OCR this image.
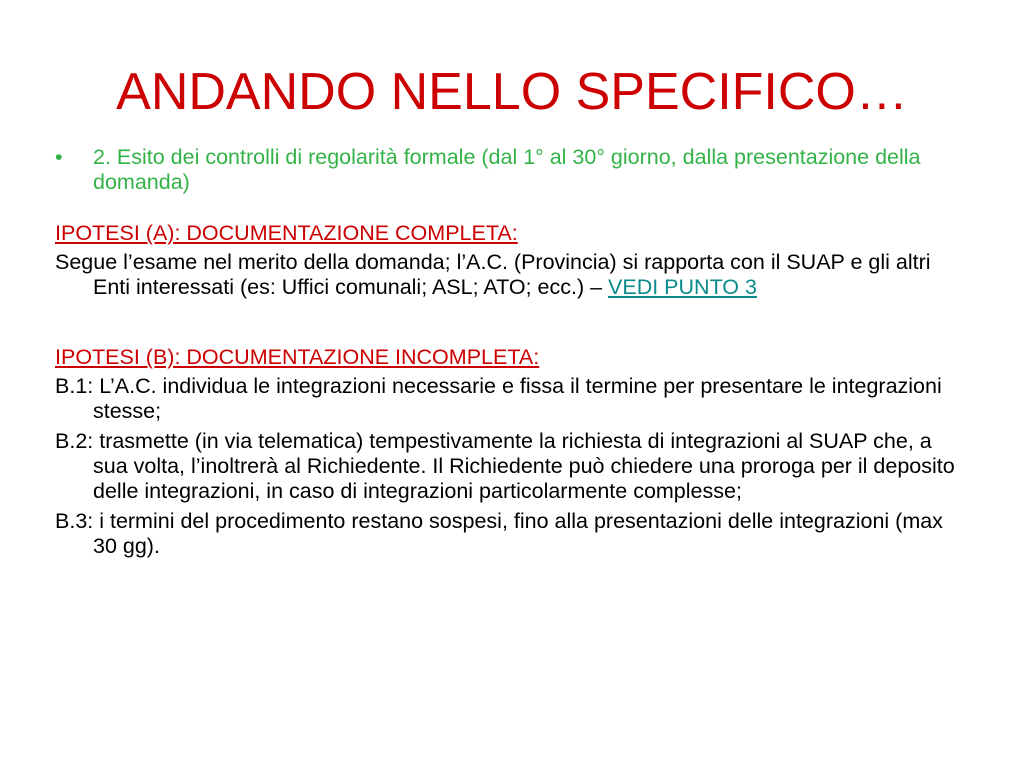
ANDANDO NELLO SPECIFICO…
•	2. Esito dei controlli di regolarità formale (dal 1° al 30° giorno, dalla presentazione della domanda)
IPOTESI (A): DOCUMENTAZIONE COMPLETA:
Segue l’esame nel merito della domanda; l’A.C. (Provincia) si rapporta con il SUAP e gli altri Enti interessati (es: Uffici comunali; ASL; ATO; ecc.) – VEDI PUNTO 3
IPOTESI (B): DOCUMENTAZIONE INCOMPLETA:
B.1: L’A.C. individua le integrazioni necessarie e fissa il termine per presentare le integrazioni stesse;
B.2: trasmette (in via telematica) tempestivamente la richiesta di integrazioni al SUAP che, a sua volta, l’inoltrerà al Richiedente. Il Richiedente può chiedere una proroga per il deposito delle integrazioni, in caso di integrazioni particolarmente complesse;
B.3: i termini del procedimento restano sospesi, fino alla presentazioni delle integrazioni (max 30 gg).
